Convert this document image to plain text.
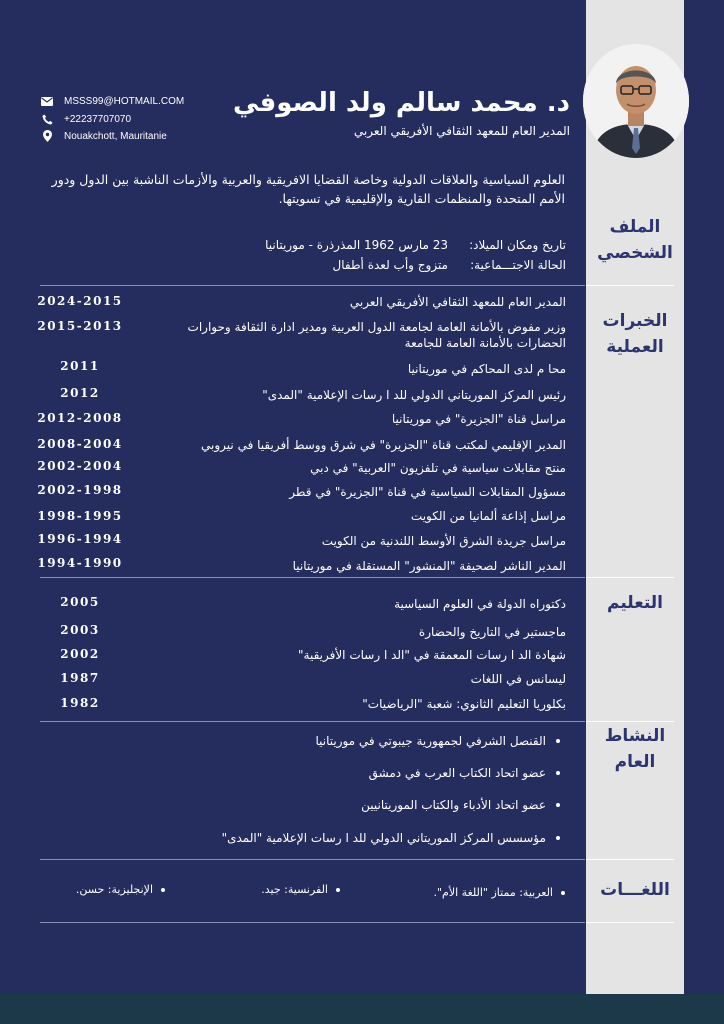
د. محمد سالم ولد الصوفي
المدير العام للمعهد الثقافي الأفريقي العربي
MSSS99@HOTMAIL.COM
+22237707070
Nouakchott, Mauritanie
العلوم السياسية والعلاقات الدولية وخاصة القضايا الافريقية والعربية والأزمات الناشبة بين الدول ودور الأمم المتحدة والمنظمات القارية والإقليمية في تسويتها.
الملف
الشخصي
تاريخ ومكان الميلاد:
23 مارس 1962 المذرذرة - موريتانيا
الحالة الاجتـــماعية:
متزوج وأب لعدة أطفال
الخبرات
العملية
المدير العام للمعهد الثقافي الأفريقي العربي
2024-2015
وزير مفوض بالأمانة العامة لجامعة الدول العربية ومدير ادارة الثقافة وحوارات الحضارات بالأمانة العامة للجامعة
2015-2013
محا م لدى المحاكم في موريتانيا
2011
رئيس المركز الموريتاني الدولي للد ا رسات الإعلامية "المدى"
2012
مراسل قناة "الجزيرة" في موريتانيا
2012-2008
المدير الإقليمي لمكتب قناة "الجزيرة" في شرق ووسط أفريقيا في نيروبي
2008-2004
منتج مقابلات سياسية في تلفزيون "العربية" في دبي
2002-2004
مسؤول المقابلات السياسية في قناة "الجزيرة" في قطر
2002-1998
مراسل إذاعة ألمانيا من الكويت
1998-1995
مراسل جريدة الشرق الأوسط اللندنية من الكويت
1996-1994
المدير الناشر لصحيفة "المنشور" المستقلة في موريتانيا
1994-1990
التعليم
دكتوراه الدولة في العلوم السياسية
2005
ماجستير في التاريخ والحضارة
2003
شهادة الد ا رسات المعمقة في "الد ا رسات الأفريقية"
2002
ليسانس في اللغات
1987
بكلوريا التعليم الثانوي: شعبة "الرياضيات"
1982
النشاط
العام
القنصل الشرفي لجمهورية جيبوتي في موريتانيا
عضو اتحاد الكتاب العرب في دمشق
عضو اتحاد الأدباء والكتاب الموريتانيين
مؤسسس المركز الموريتاني الدولي للد ا رسات الإعلامية "المدى"
اللغـــات
العربية: ممتاز "اللغة الأم".
الفرنسية: جيد.
الإنجليزية: حسن.
